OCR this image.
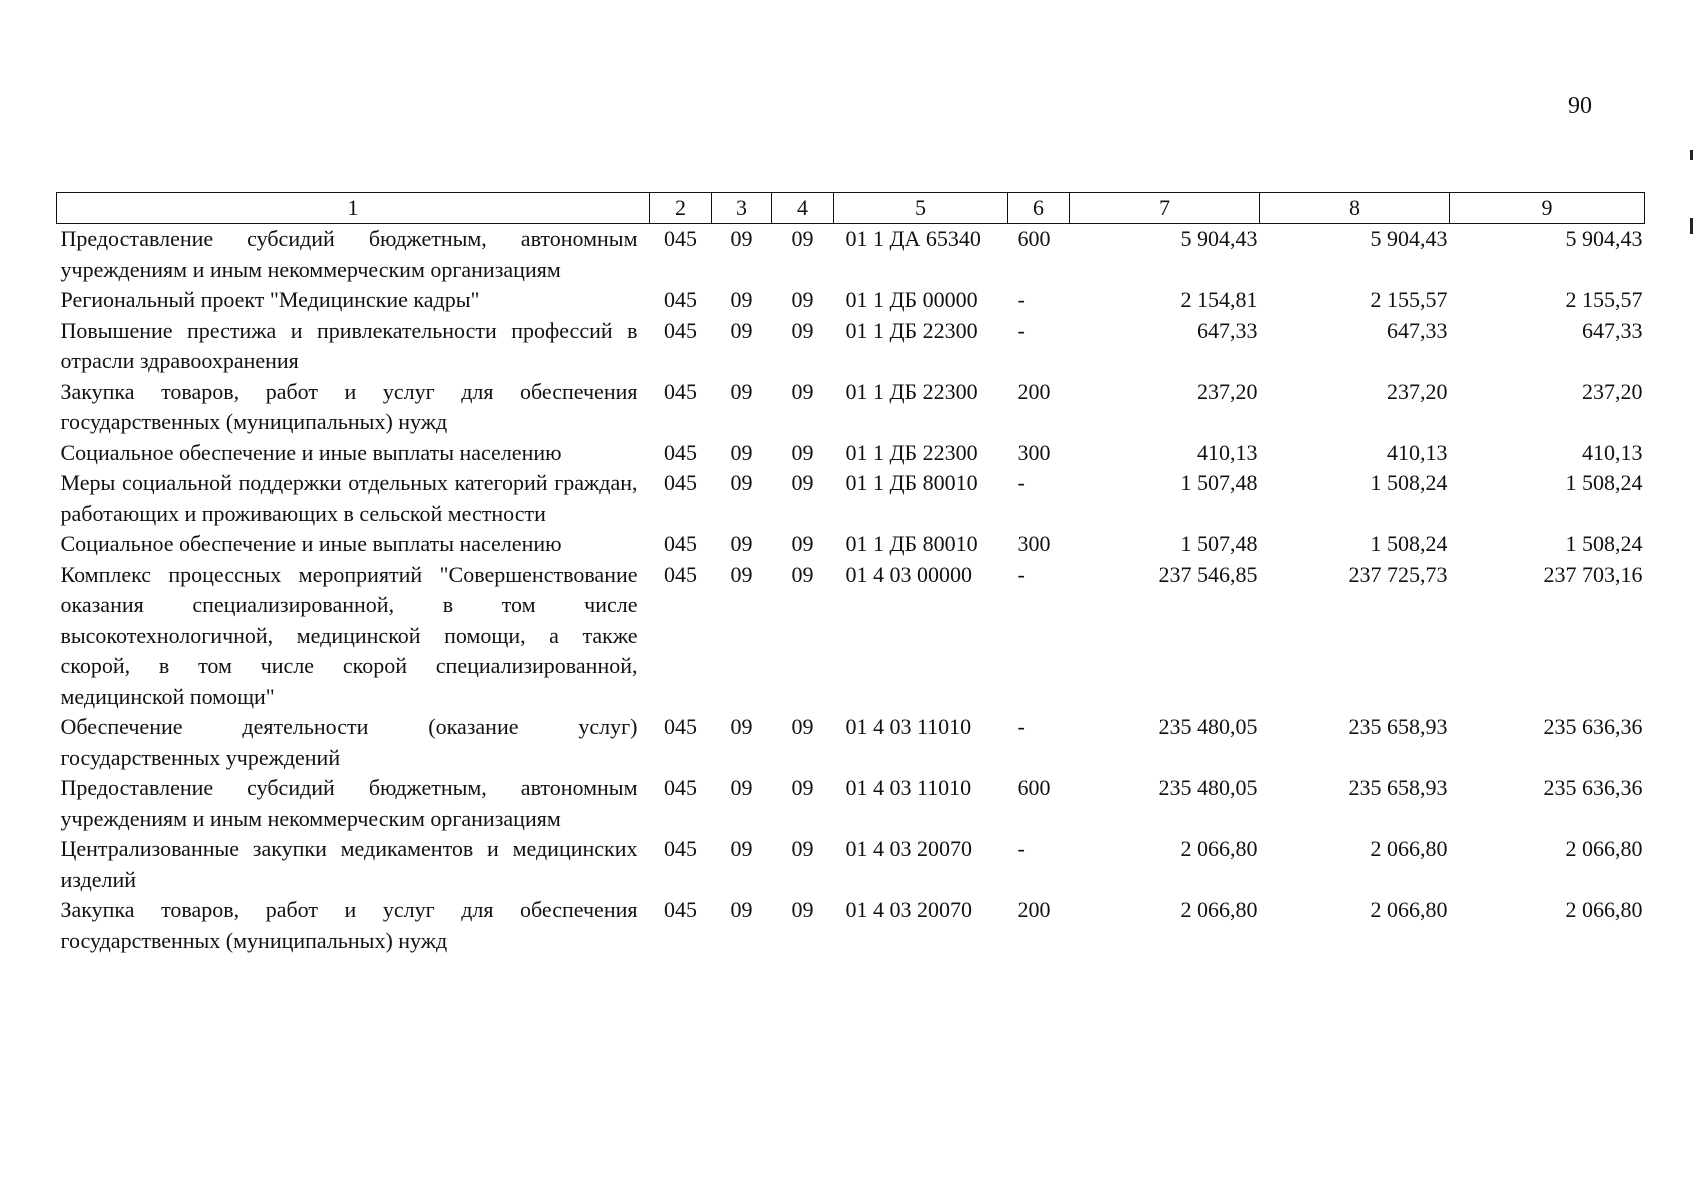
90
1	2	3	4	5	6	7	8	9
Предоставление субсидий бюджетным, автономным учреждениям и иным некоммерческим организациям	045	09	09	01 1 ДА 65340	600	5 904,43	5 904,43	5 904,43
Региональный проект "Медицинские кадры"	045	09	09	01 1 ДБ 00000	-	2 154,81	2 155,57	2 155,57
Повышение престижа и привлекательности профессий в отрасли здравоохранения	045	09	09	01 1 ДБ 22300	-	647,33	647,33	647,33
Закупка товаров, работ и услуг для обеспечения государственных (муниципальных) нужд	045	09	09	01 1 ДБ 22300	200	237,20	237,20	237,20
Социальное обеспечение и иные выплаты населению	045	09	09	01 1 ДБ 22300	300	410,13	410,13	410,13
Меры социальной поддержки отдельных категорий граждан, работающих и проживающих в сельской местности	045	09	09	01 1 ДБ 80010	-	1 507,48	1 508,24	1 508,24
Социальное обеспечение и иные выплаты населению	045	09	09	01 1 ДБ 80010	300	1 507,48	1 508,24	1 508,24
Комплекс процессных мероприятий "Совершенствование оказания специализированной, в том числе высокотехнологичной, медицинской помощи, а также скорой, в том числе скорой специализированной, медицинской помощи"	045	09	09	01 4 03 00000	-	237 546,85	237 725,73	237 703,16
Обеспечение деятельности (оказание услуг) государственных учреждений	045	09	09	01 4 03 11010	-	235 480,05	235 658,93	235 636,36
Предоставление субсидий бюджетным, автономным учреждениям и иным некоммерческим организациям	045	09	09	01 4 03 11010	600	235 480,05	235 658,93	235 636,36
Централизованные закупки медикаментов и медицинских изделий	045	09	09	01 4 03 20070	-	2 066,80	2 066,80	2 066,80
Закупка товаров, работ и услуг для обеспечения государственных (муниципальных) нужд	045	09	09	01 4 03 20070	200	2 066,80	2 066,80	2 066,80
